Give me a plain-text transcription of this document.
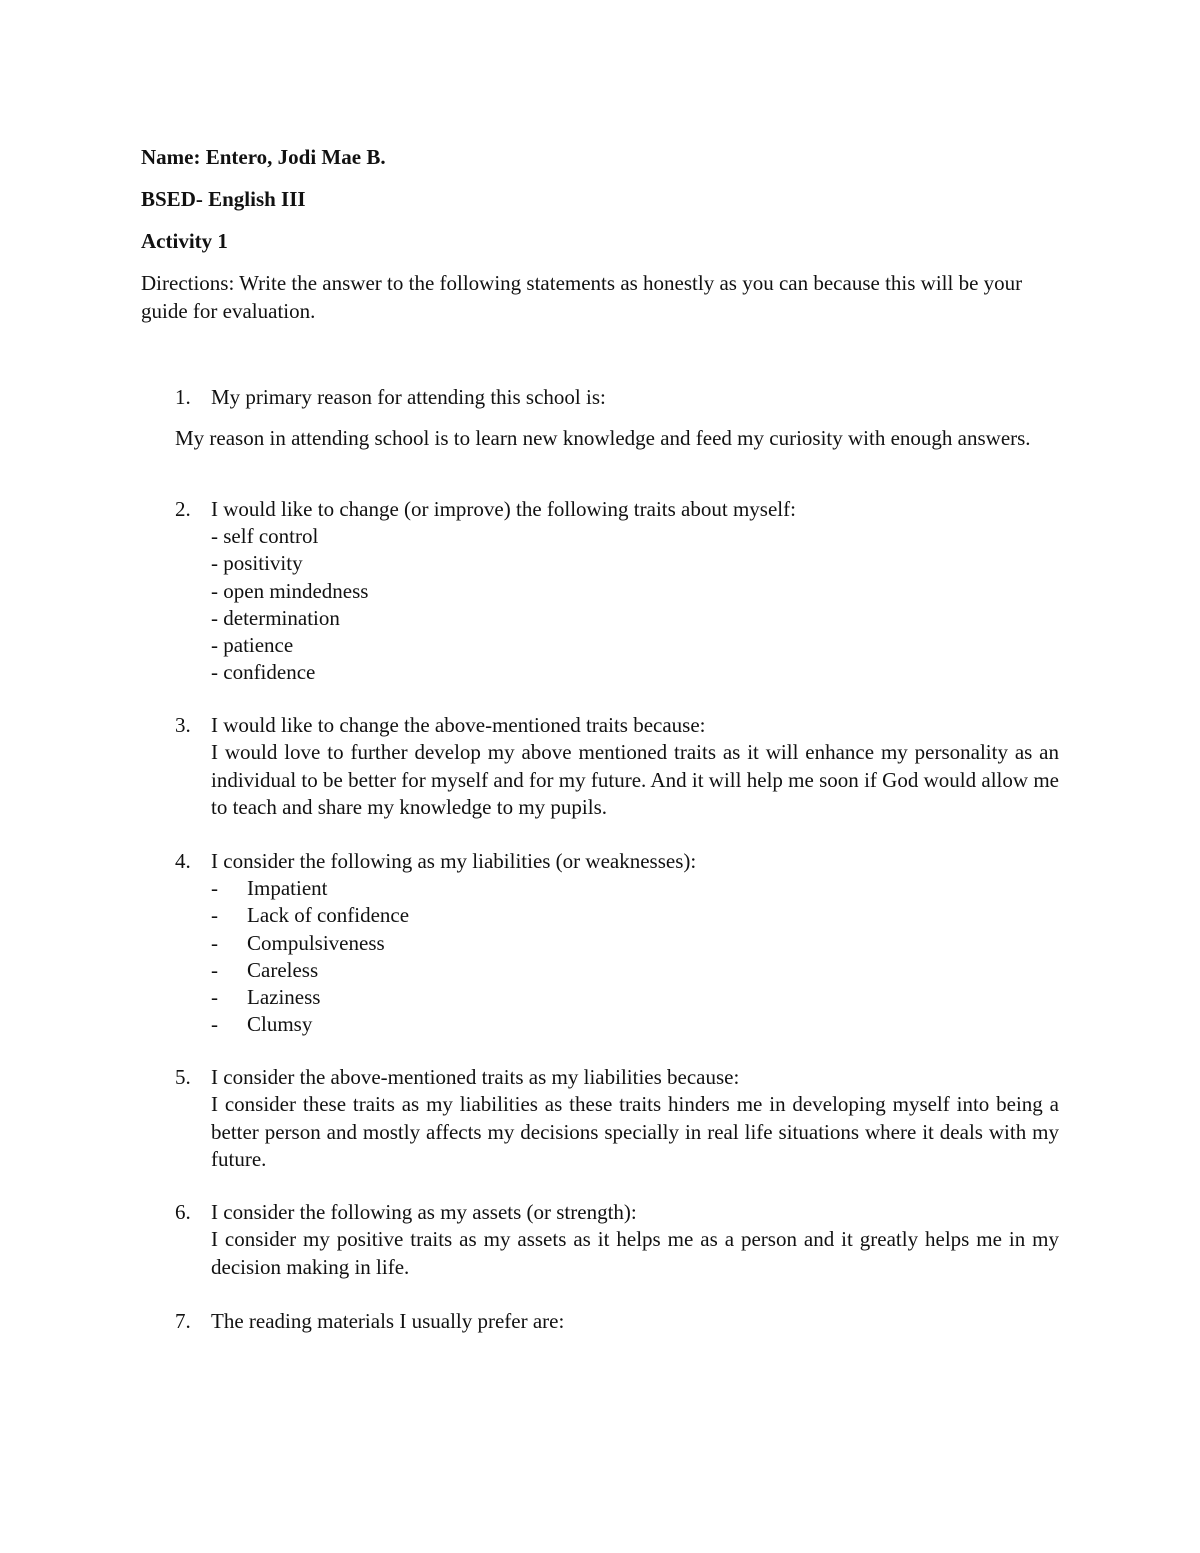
Name: Entero, Jodi Mae B.
BSED- English III
Activity 1
Directions: Write the answer to the following statements as honestly as you can because this will be your guide for evaluation.
1. My primary reason for attending this school is:
My reason in attending school is to learn new knowledge and feed my curiosity with enough answers.
2. I would like to change (or improve) the following traits about myself:
- self control
- positivity
- open mindedness
- determination
- patience
- confidence
3. I would like to change the above-mentioned traits because:
I would love to further develop my above mentioned traits as it will enhance my personality as an individual to be better for myself and for my future. And it will help me soon if God would allow me to teach and share my knowledge to my pupils.
4. I consider the following as my liabilities (or weaknesses):
- Impatient
- Lack of confidence
- Compulsiveness
- Careless
- Laziness
- Clumsy
5. I consider the above-mentioned traits as my liabilities because:
I consider these traits as my liabilities as these traits hinders me in developing myself into being a better person and mostly affects my decisions specially in real life situations where it deals with my future.
6. I consider the following as my assets (or strength):
I consider my positive traits as my assets as it helps me as a person and it greatly helps me in my decision making in life.
7. The reading materials I usually prefer are:
